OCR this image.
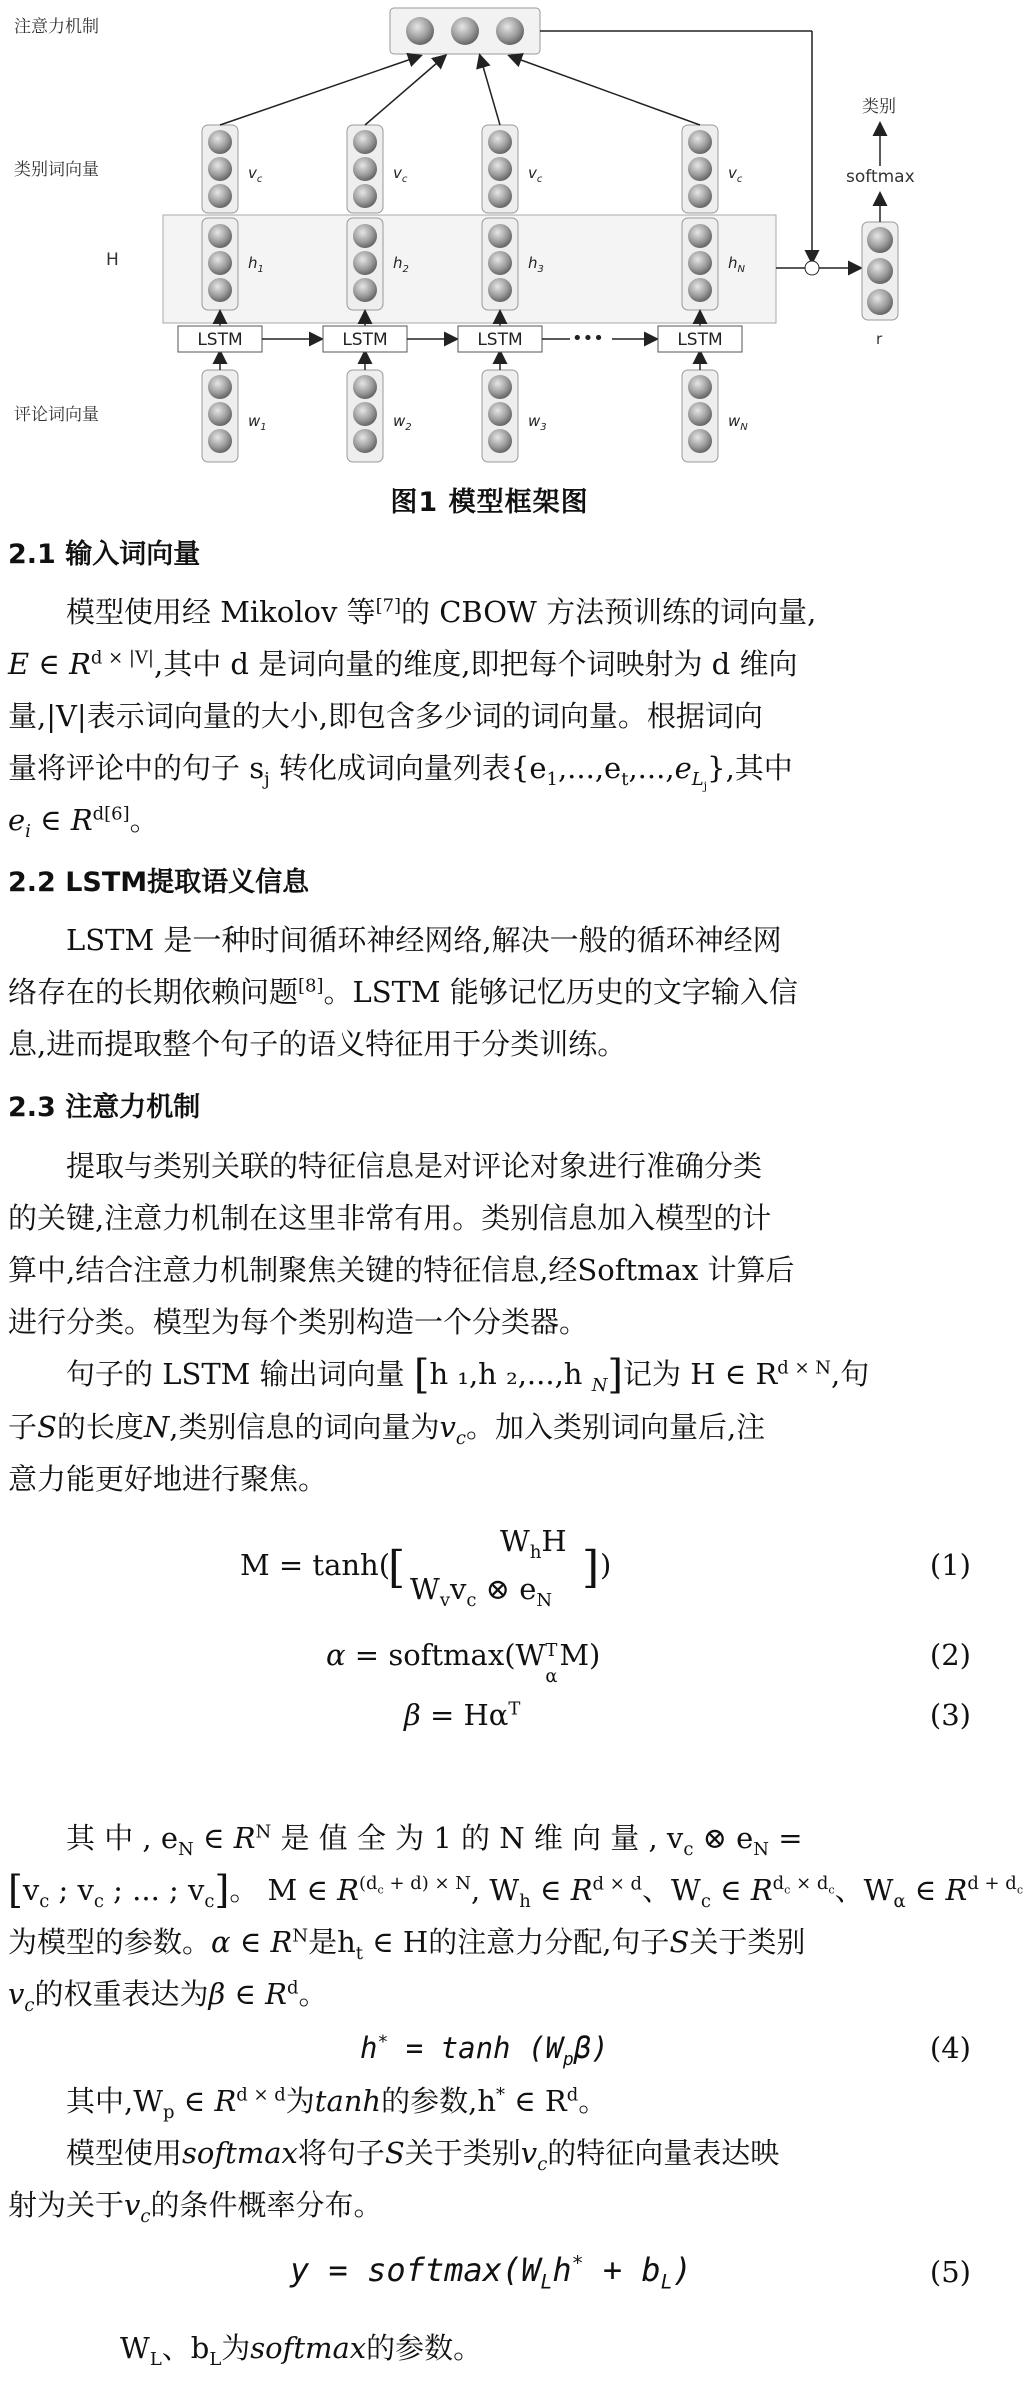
注意力机制
类别词向量
H
评论词向量
$v_c$
$h_1$
$w_1$
$v_c$
$h_2$
$w_2$
$v_c$
$h_3$
$w_3$
$v_c$
$h_N$
$w_N$
LSTM	LSTM	LSTM	•••	LSTM	r
softmax
类别
图1 模型框架图
2.1 输入词向量
模型使用经 Mikolov 等[7]的 CBOW 方法预训练的词向量,
E ∈ $R^{d \times |V|}$,其中 d 是词向量的维度,即把每个词映射为 d 维向
量,|V|表示词向量的大小,即包含多少词的词向量。根据词向
量将评论中的句子 $s_j$ 转化成词向量列表$\{e_1,...,e_t,...,e_{L_j}\}$,其中
$e_i$ ∈ $R^{d[6]}$。
2.2 LSTM提取语义信息
LSTM 是一种时间循环神经网络,解决一般的循环神经网
络存在的长期依赖问题[8]。LSTM 能够记忆历史的文字输入信
息,进而提取整个句子的语义特征用于分类训练。
2.3 注意力机制
提取与类别关联的特征信息是对评论对象进行准确分类
的关键,注意力机制在这里非常有用。类别信息加入模型的计
算中,结合注意力机制聚焦关键的特征信息,经Softmax 计算后
进行分类。模型为每个类别构造一个分类器。
句子的 LSTM 输出词向量 [h ₁,h ₂,...,h $_N$]记为 H ∈ $R^{d \times N}$,句
子S的长度N,类别信息的词向量为$v_c$。加入类别词向量后,注
意力能更好地进行聚焦。
M = tanh(
[
$W_hH$
$W_vv_c$ ⊗ $e_N$
] )	(1)
α = softmax(W T
α
M)	(2)
$\beta = H\alpha^T$	(3)
其 中 , $e_N$ ∈ $R^N$ 是 值 全 为 1 的 N 维 向 量 , $v_c$ ⊗ $e_N$ =
[$v_c$ ; $v_c$ ; ... ; $v_c$]。 M ∈ $R^{(d_c + d) \times N}$, $W_h$ ∈ $R^{d \times d}$、$W_c$ ∈ $R^{d_c \times d_c}$、$W_\alpha$ ∈ $R^{d + d_c}$
为模型的参数。α ∈ $R^N$是$h_t$ ∈ H的注意力分配,句子S关于类别
$v_c$的权重表达为β ∈ $R^d$。
$h^* = \tanh (W_p\beta)$	(4)
其中$,W_p$ ∈ $R^{d \times d}$为tanh的参数,h* ∈ $R^d$。
模型使用softmax将句子S关于类别$v_c$的特征向量表达映
射为关于$v_c$的条件概率分布。
$y = softmax(W_Lh^* + b_L)$	(5)
$W_L$、$b_L$为softmax的参数。
